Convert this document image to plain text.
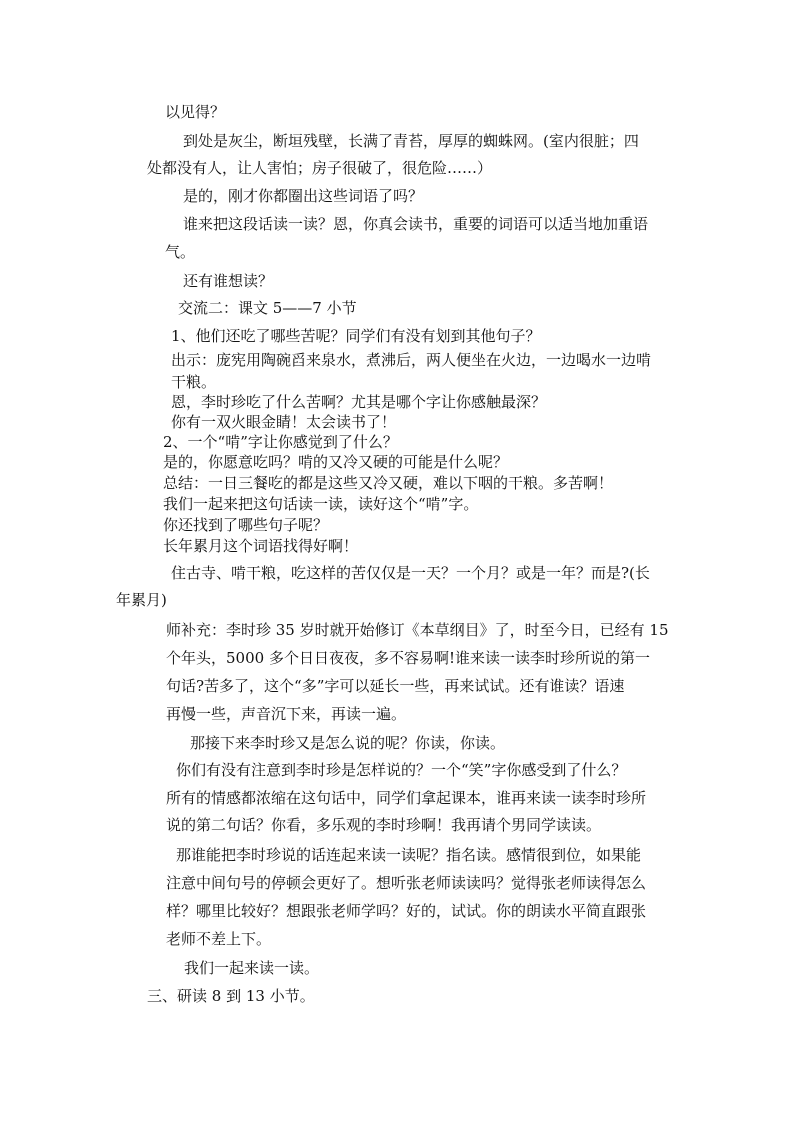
以见得？
到处是灰尘，断垣残壁，长满了青苔，厚厚的蜘蛛网。(室内很脏；四
处都没有人，让人害怕；房子很破了，很危险……）
是的，刚才你都圈出这些词语了吗？
谁来把这段话读一读？恩，你真会读书，重要的词语可以适当地加重语
气。
还有谁想读？
交流二：课文 5——7 小节
1、他们还吃了哪些苦呢？同学们有没有划到其他句子？
出示：庞宪用陶碗舀来泉水，煮沸后，两人便坐在火边，一边喝水一边啃
干粮。
恩，李时珍吃了什么苦啊？尤其是哪个字让你感触最深？
你有一双火眼金睛！太会读书了！
2、一个“啃”字让你感觉到了什么？
是的，你愿意吃吗？啃的又冷又硬的可能是什么呢？
总结：一日三餐吃的都是这些又冷又硬，难以下咽的干粮。多苦啊！
我们一起来把这句话读一读，读好这个“啃”字。
你还找到了哪些句子呢？
长年累月这个词语找得好啊！
住古寺、啃干粮，吃这样的苦仅仅是一天？一个月？或是一年？而是?(长
年累月)
师补充：李时珍 35 岁时就开始修订《本草纲目》了，时至今日，已经有 15
个年头，5000 多个日日夜夜，多不容易啊!谁来读一读李时珍所说的第一
句话?苦多了，这个“多”字可以延长一些，再来试试。还有谁读？语速
再慢一些，声音沉下来，再读一遍。
那接下来李时珍又是怎么说的呢？你读，你读。
你们有没有注意到李时珍是怎样说的？一个“笑”字你感受到了什么？
所有的情感都浓缩在这句话中，同学们拿起课本，谁再来读一读李时珍所
说的第二句话？你看，多乐观的李时珍啊！我再请个男同学读读。
那谁能把李时珍说的话连起来读一读呢？指名读。感情很到位，如果能
注意中间句号的停顿会更好了。想听张老师读读吗？觉得张老师读得怎么
样？哪里比较好？想跟张老师学吗？好的，试试。你的朗读水平简直跟张
老师不差上下。
我们一起来读一读。
三、研读 8 到 13 小节。
